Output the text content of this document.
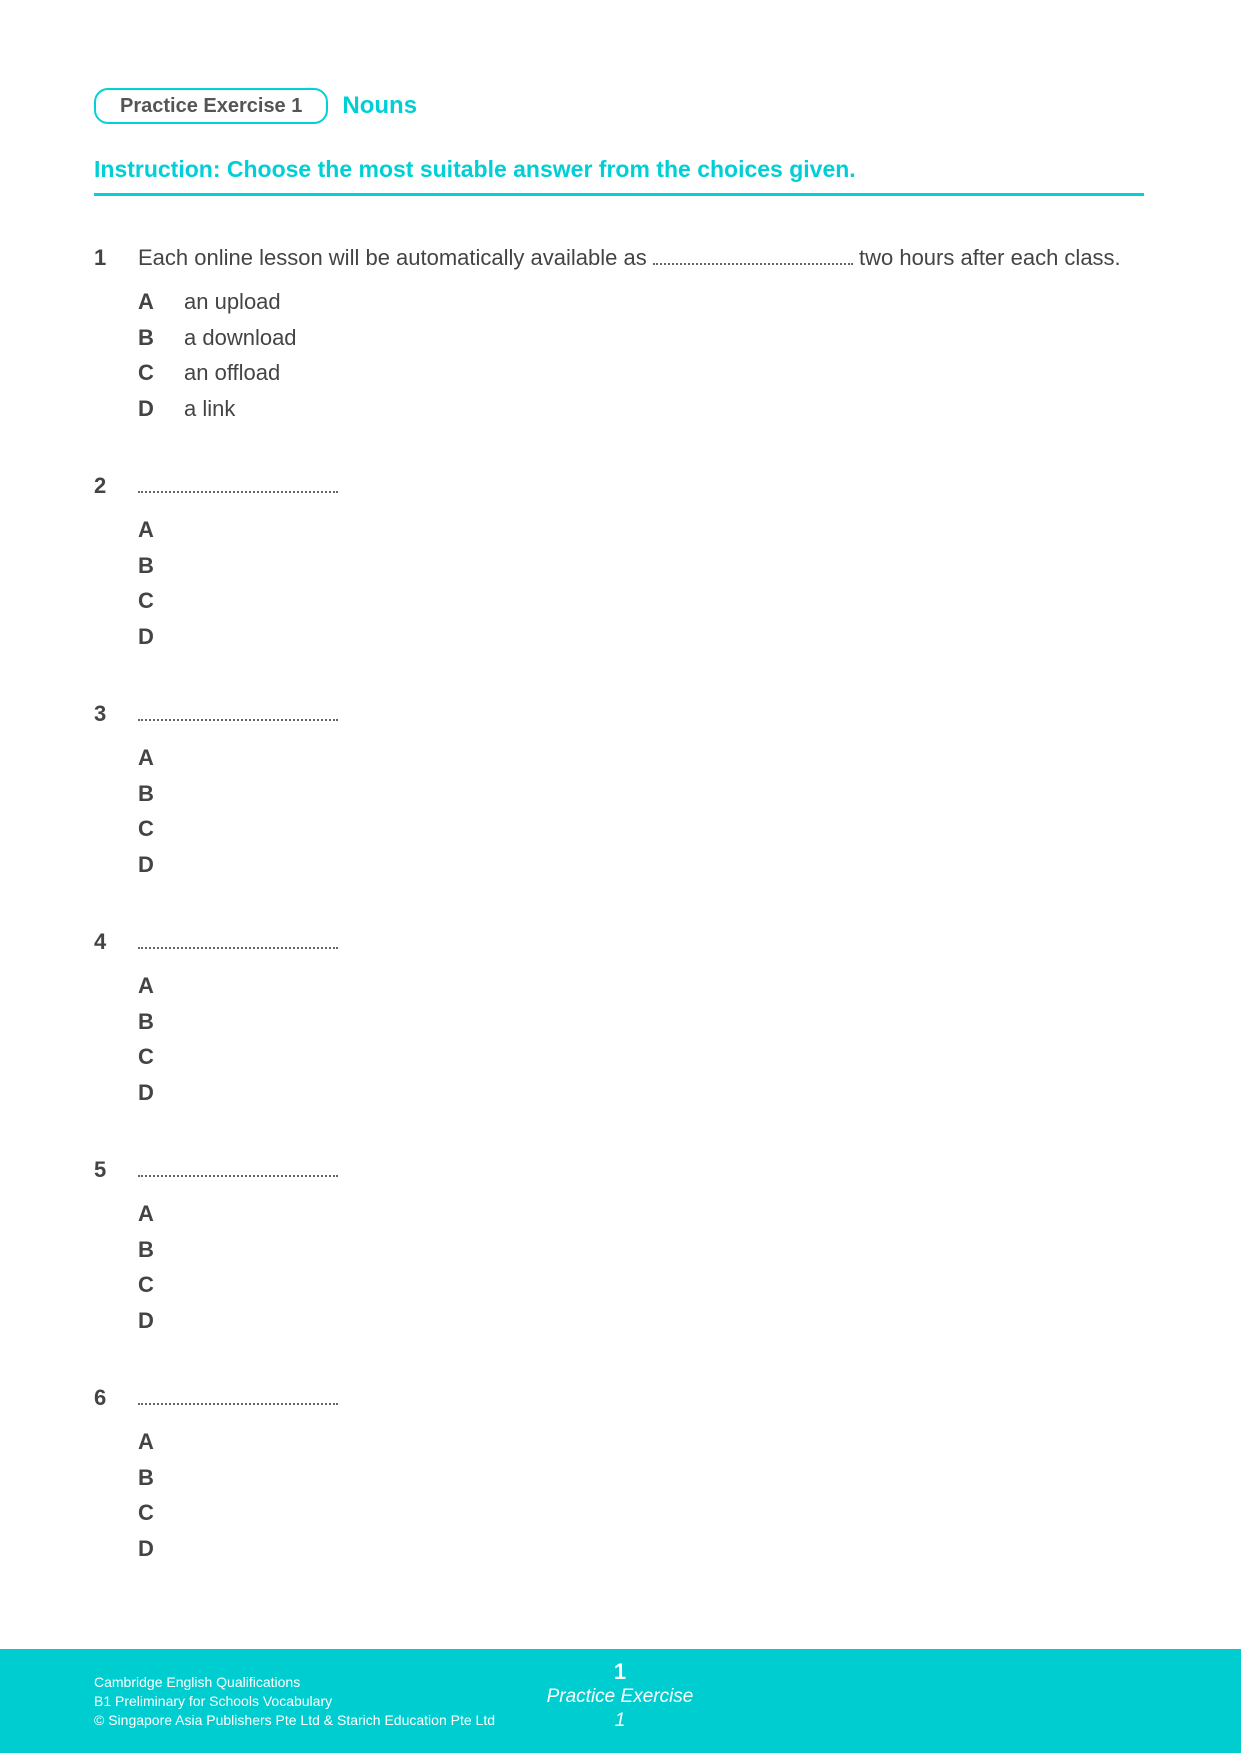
Practice Exercise 1	Nouns
Instruction: Choose the most suitable answer from the choices given.
1	Each online lesson will be automatically available as	two hours after each class.
A	an upload
B	a download
C	an offload
D	a link
2
A
B
C
D
3
A
B
C
D
4
A
B
C
D
5
A
B
C
D
6
A
B
C
D
Cambridge English Qualifications
B1 Preliminary for Schools Vocabulary
© Singapore Asia Publishers Pte Ltd & Starich Education Pte Ltd
1
Practice Exercise 1
